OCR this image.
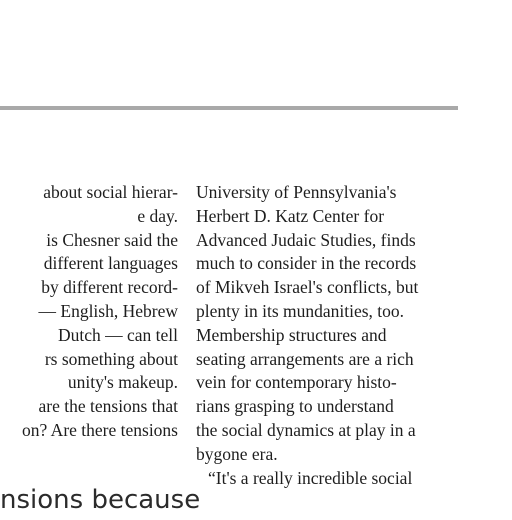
about social hierar-
e day.
is Chesner said the
different languages
by different record-
— English, Hebrew
Dutch — can tell
rs something about
unity's makeup.
are the tensions that
on? Are there tensions
University of Pennsylvania's
Herbert D. Katz Center for
Advanced Judaic Studies, finds
much to consider in the records
of Mikveh Israel's conflicts, but
plenty in its mundanities, too.
Membership structures and
seating arrangements are a rich
vein for contemporary histo-
rians grasping to understand
the social dynamics at play in a
bygone era.
“It's a really incredible social
nsions because
